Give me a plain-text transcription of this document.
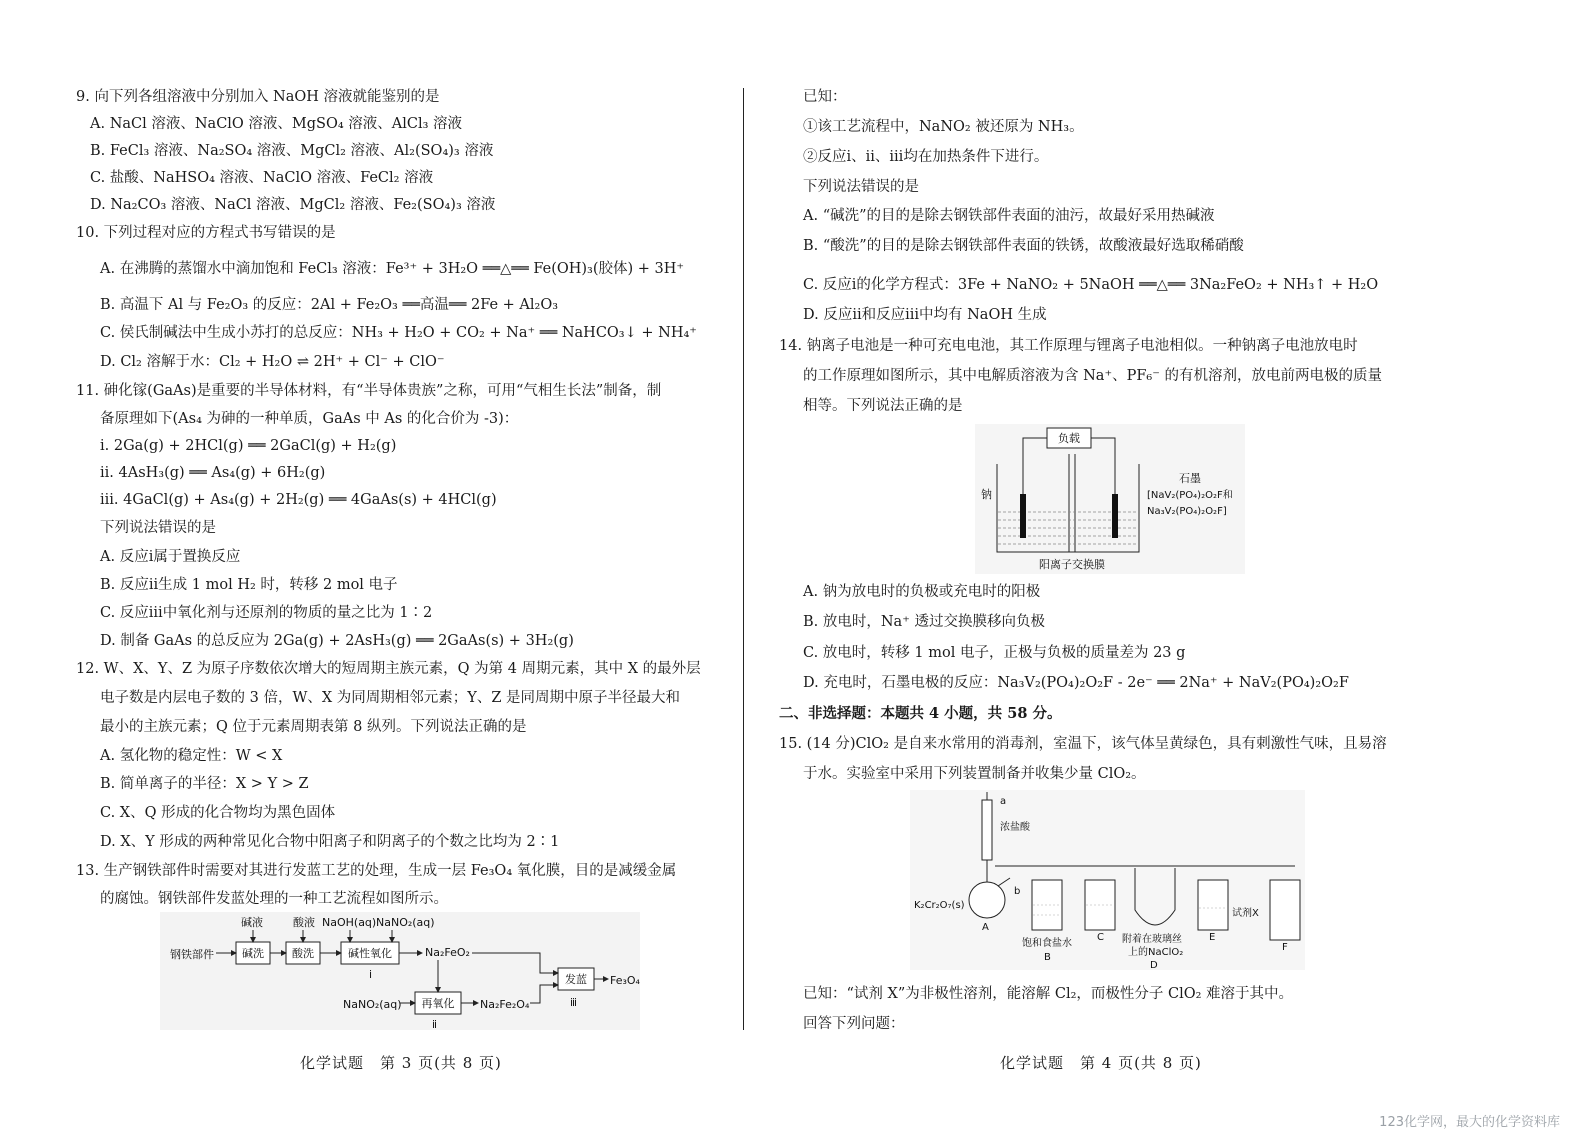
9. 向下列各组溶液中分别加入 NaOH 溶液就能鉴别的是
A. NaCl 溶液、NaClO 溶液、MgSO₄ 溶液、AlCl₃ 溶液
B. FeCl₃ 溶液、Na₂SO₄ 溶液、MgCl₂ 溶液、Al₂(SO₄)₃ 溶液
C. 盐酸、NaHSO₄ 溶液、NaClO 溶液、FeCl₂ 溶液
D. Na₂CO₃ 溶液、NaCl 溶液、MgCl₂ 溶液、Fe₂(SO₄)₃ 溶液
10. 下列过程对应的方程式书写错误的是
A. 在沸腾的蒸馏水中滴加饱和 FeCl₃ 溶液：Fe³⁺ + 3H₂O ══△══ Fe(OH)₃(胶体) + 3H⁺
B. 高温下 Al 与 Fe₂O₃ 的反应：2Al + Fe₂O₃ ══高温══ 2Fe + Al₂O₃
C. 侯氏制碱法中生成小苏打的总反应：NH₃ + H₂O + CO₂ + Na⁺ ══ NaHCO₃↓ + NH₄⁺
D. Cl₂ 溶解于水：Cl₂ + H₂O ⇌ 2H⁺ + Cl⁻ + ClO⁻
11. 砷化镓(GaAs)是重要的半导体材料，有“半导体贵族”之称，可用“气相生长法”制备，制
备原理如下(As₄ 为砷的一种单质，GaAs 中 As 的化合价为 -3)：
ⅰ. 2Ga(g) + 2HCl(g) ══ 2GaCl(g) + H₂(g)
ⅱ. 4AsH₃(g) ══ As₄(g) + 6H₂(g)
ⅲ. 4GaCl(g) + As₄(g) + 2H₂(g) ══ 4GaAs(s) + 4HCl(g)
下列说法错误的是
A. 反应ⅰ属于置换反应
B. 反应ⅱ生成 1 mol H₂ 时，转移 2 mol 电子
C. 反应ⅲ中氧化剂与还原剂的物质的量之比为 1∶2
D. 制备 GaAs 的总反应为 2Ga(g) + 2AsH₃(g) ══ 2GaAs(s) + 3H₂(g)
12. W、X、Y、Z 为原子序数依次增大的短周期主族元素，Q 为第 4 周期元素，其中 X 的最外层
电子数是内层电子数的 3 倍，W、X 为同周期相邻元素；Y、Z 是同周期中原子半径最大和
最小的主族元素；Q 位于元素周期表第 8 纵列。下列说法正确的是
A. 氢化物的稳定性：W < X
B. 简单离子的半径：X > Y > Z
C. X、Q 形成的化合物均为黑色固体
D. X、Y 形成的两种常见化合物中阳离子和阴离子的个数之比均为 2∶1
13. 生产钢铁部件时需要对其进行发蓝工艺的处理，生成一层 Fe₃O₄ 氧化膜，目的是减缓金属
的腐蚀。钢铁部件发蓝处理的一种工艺流程如图所示。
钢铁部件
碱液	酸液 NaOH(aq) NaNO₂(aq)
Na₂FeO₂
ⅰ
NaNO₂(aq)	Na₂Fe₂O₄
ⅱ
ⅲ
Fe₃O₄
碱洗	酸洗	碱性氧化
再氧化
发蓝
已知：
①该工艺流程中，NaNO₂ 被还原为 NH₃。
②反应ⅰ、ⅱ、ⅲ均在加热条件下进行。
下列说法错误的是
A. “碱洗”的目的是除去钢铁部件表面的油污，故最好采用热碱液
B. “酸洗”的目的是除去钢铁部件表面的铁锈，故酸液最好选取稀硝酸
C. 反应ⅰ的化学方程式：3Fe + NaNO₂ + 5NaOH ══△══ 3Na₂FeO₂ + NH₃↑ + H₂O
D. 反应ⅱ和反应ⅲ中均有 NaOH 生成
14. 钠离子电池是一种可充电电池，其工作原理与锂离子电池相似。一种钠离子电池放电时
的工作原理如图所示，其中电解质溶液为含 Na⁺、PF₆⁻ 的有机溶剂，放电前两电极的质量
相等。下列说法正确的是
A. 钠为放电时的负极或充电时的阳极
B. 放电时，Na⁺ 透过交换膜移向负极
C. 放电时，转移 1 mol 电子，正极与负极的质量差为 23 g
D. 充电时，石墨电极的反应：Na₃V₂(PO₄)₂O₂F - 2e⁻ ══ 2Na⁺ + NaV₂(PO₄)₂O₂F
二、非选择题：本题共 4 小题，共 58 分。
15. (14 分)ClO₂ 是自来水常用的消毒剂，室温下，该气体呈黄绿色，具有刺激性气味，且易溶
于水。实验室中采用下列装置制备并收集少量 ClO₂。
已知：“试剂 X”为非极性溶剂，能溶解 Cl₂，而极性分子 ClO₂ 难溶于其中。
回答下列问题：
负载
钠
石墨
[NaV₂(PO₄)₂O₂F和
Na₃V₂(PO₄)₂O₂F]
阳离子交换膜
a
b
浓盐酸
K₂Cr₂O₇(s)
A
饱和食盐水
B
C 附着在玻璃丝
上的NaClO₂
D
试剂X
E
F
化学试题　第 3 页(共 8 页)	化学试题　第 4 页(共 8 页)
123化学网，最大的化学资料库
